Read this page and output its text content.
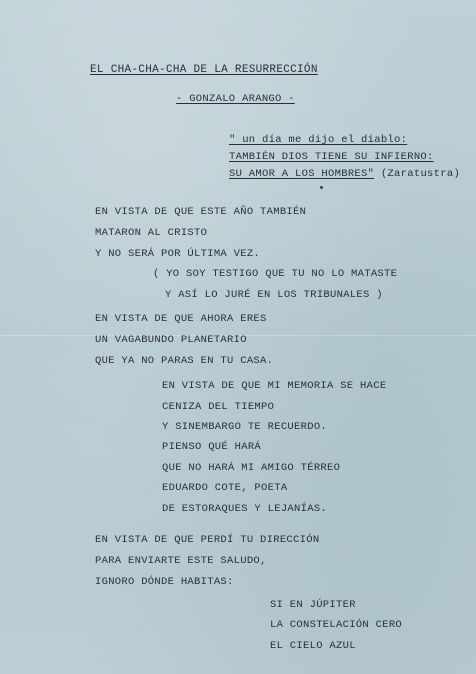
EL CHA-CHA-CHA DE LA RESURRECCIÓN
- GONZALO ARANGO -
" un día me dijo el diablo:
TAMBIÉN DIOS TIENE SU INFIERNO:
SU AMOR A LOS HOMBRES" (Zaratustra)
EN VISTA DE QUE ESTE AÑO TAMBIÉN
MATARON AL CRISTO
Y NO SERÁ POR ÚLTIMA VEZ.
( YO SOY TESTIGO QUE TU NO LO MATASTE
Y ASÍ LO JURÉ EN LOS TRIBUNALES )
EN VISTA DE QUE AHORA ERES
UN VAGABUNDO PLANETARIO
QUE YA NO PARAS EN TU CASA.
EN VISTA DE QUE MI MEMORIA SE HACE
CENIZA DEL TIEMPO
Y SINEMBARGO TE RECUERDO.
PIENSO QUÉ HARÁ
QUE NO HARÁ MI AMIGO TÉRREO
EDUARDO COTE, POETA
DE ESTORAQUES Y LEJANÍAS.
EN VISTA DE QUE PERDÍ TU DIRECCIÓN
PARA ENVIARTE ESTE SALUDO,
IGNORO DÓNDE HABITAS:
SI EN JÚPITER
LA CONSTELACIÓN CERO
EL CIELO AZUL
